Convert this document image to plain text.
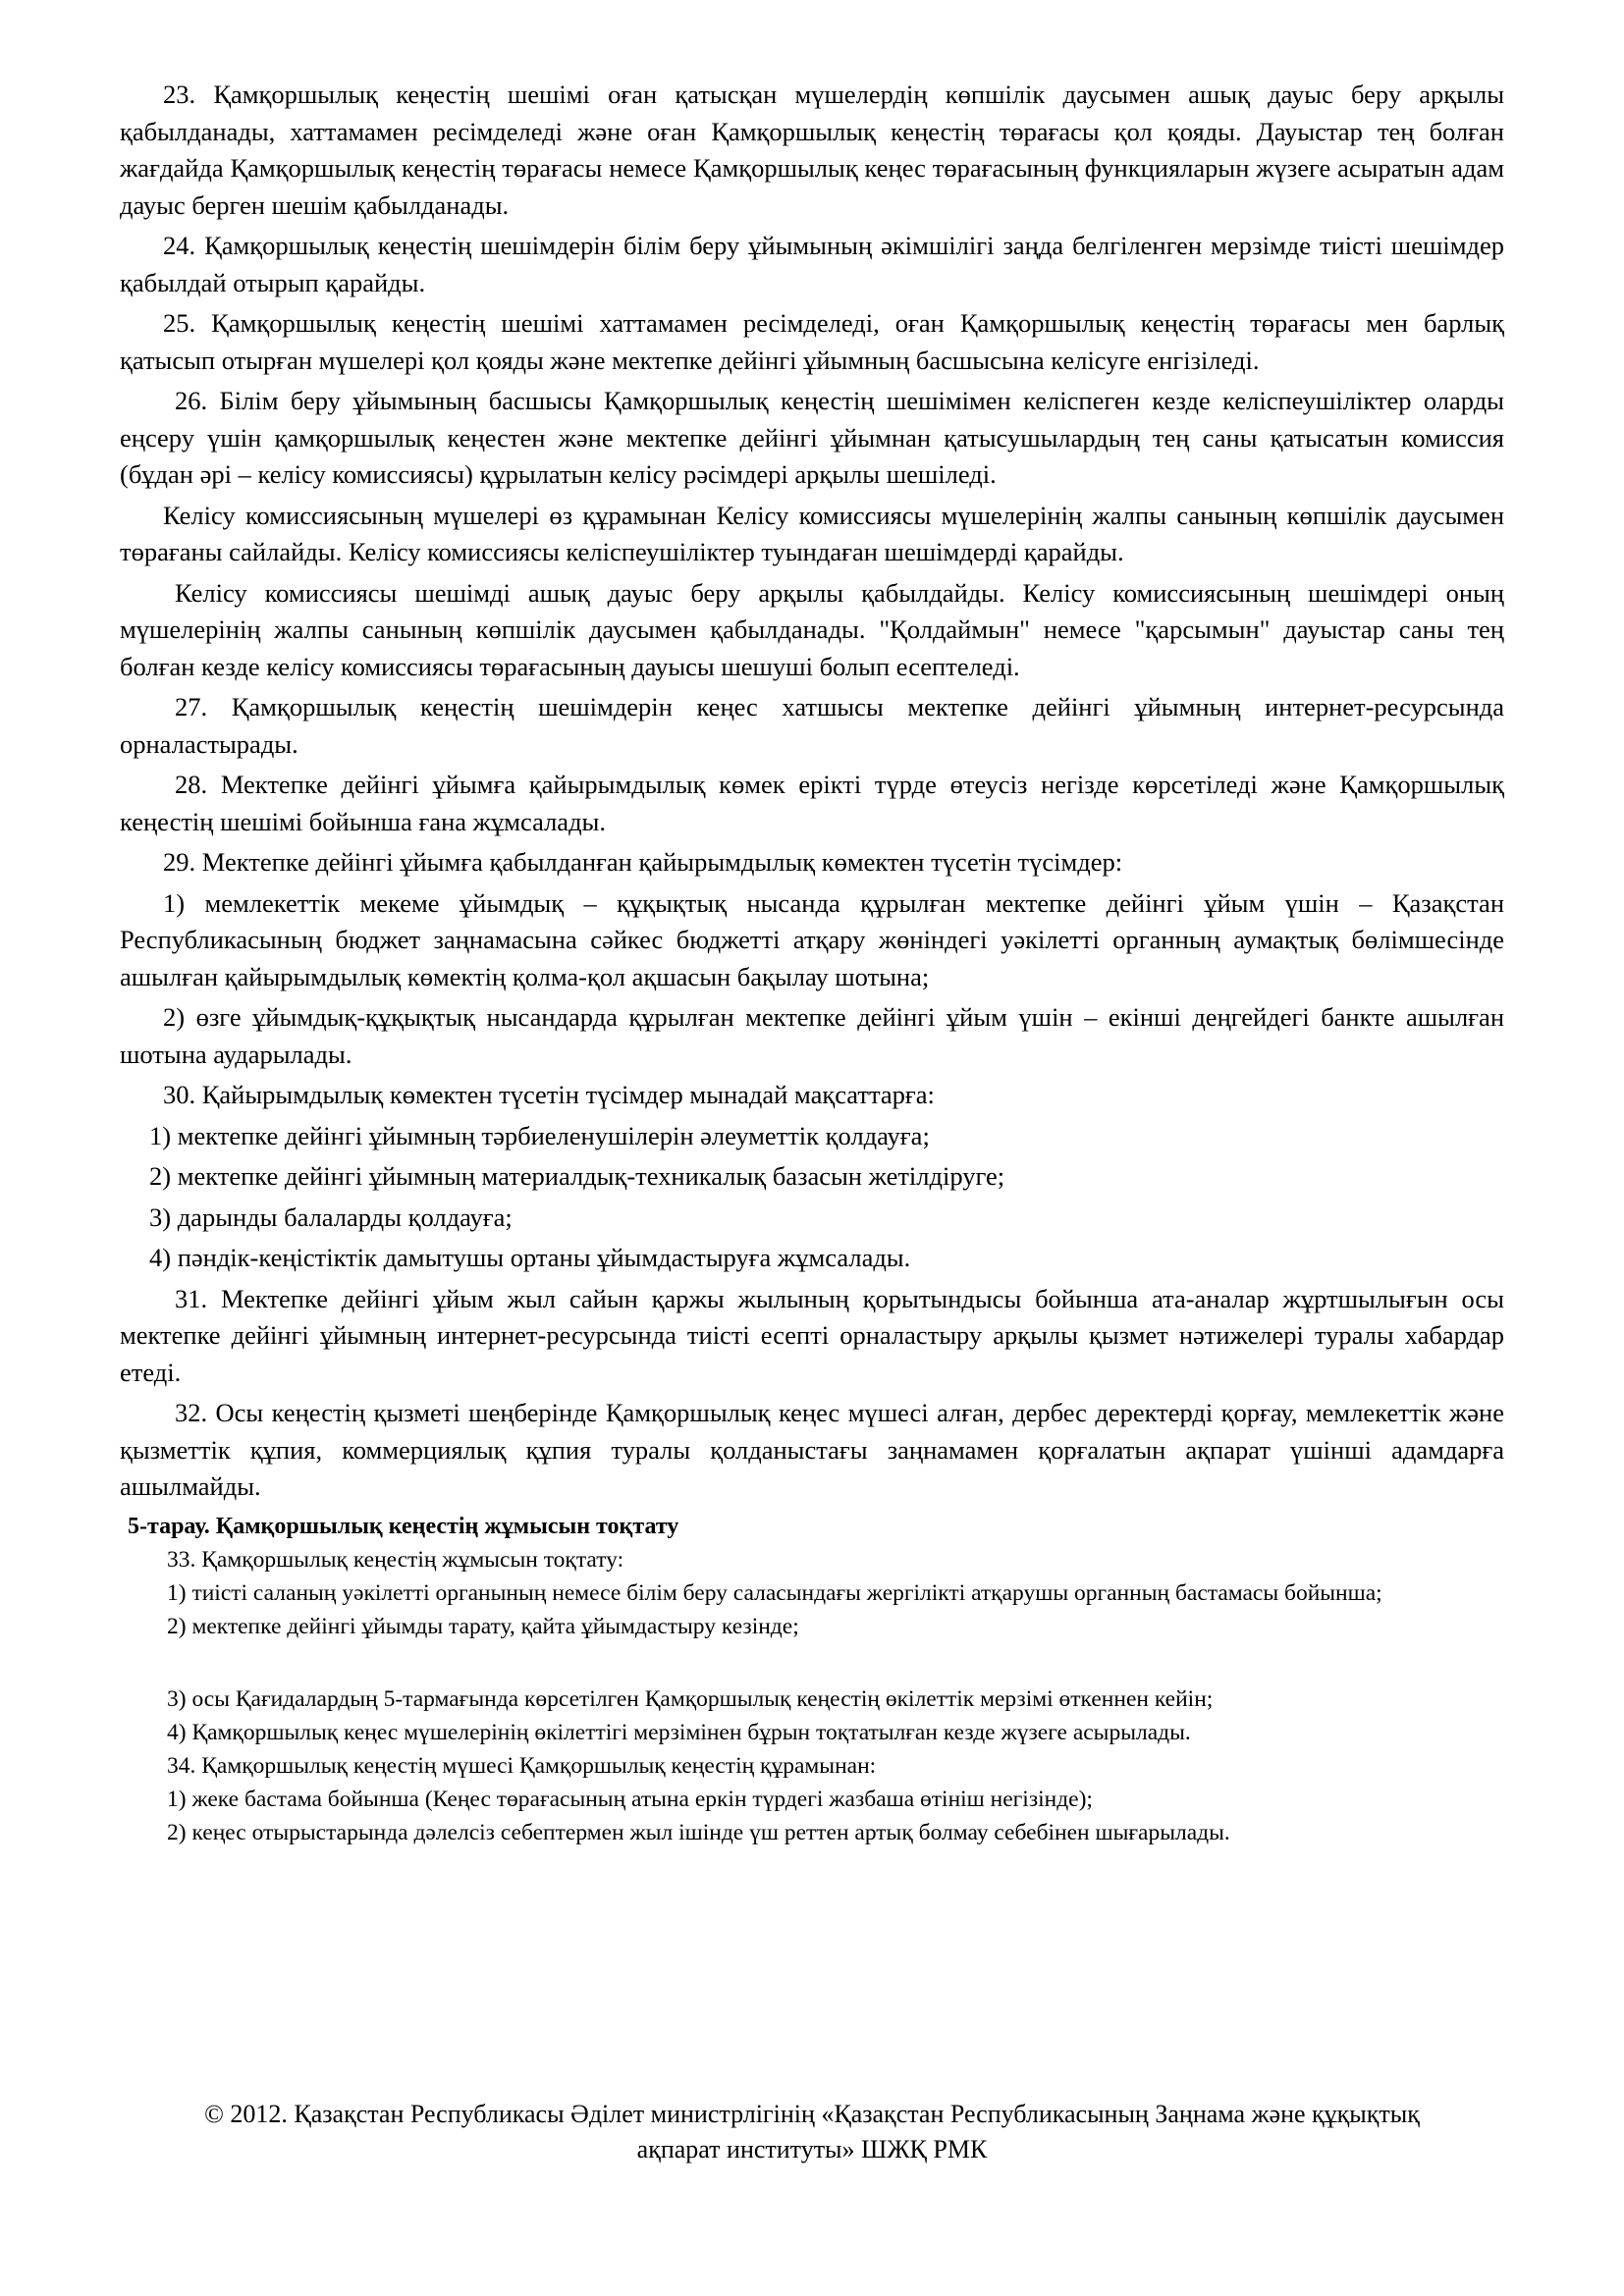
23. Қамқоршылық кеңестің шешімі оған қатысқан мүшелердің көпшілік даусымен ашық дауыс беру арқылы қабылданады, хаттамамен ресімделеді және оған Қамқоршылық кеңестің төрағасы қол қояды. Дауыстар тең болған жағдайда Қамқоршылық кеңестің төрағасы немесе Қамқоршылық кеңес төрағасының функцияларын жүзеге асыратын адам дауыс берген шешім қабылданады.

24. Қамқоршылық кеңестің шешімдерін білім беру ұйымының әкімшілігі заңда белгіленген мерзімде тиісті шешімдер қабылдай отырып қарайды.

25. Қамқоршылық кеңестің шешімі хаттамамен ресімделеді, оған Қамқоршылық кеңестің төрағасы мен барлық қатысып отырған мүшелері қол қояды және мектепке дейінгі ұйымның басшысына келісуге енгізіледі.

26. Білім беру ұйымының басшысы Қамқоршылық кеңестің шешімімен келіспеген кезде келіспеушіліктер оларды еңсеру үшін қамқоршылық кеңестен және мектепке дейінгі ұйымнан қатысушылардың тең саны қатысатын комиссия (бұдан әрі – келісу комиссиясы) құрылатын келісу рәсімдері арқылы шешіледі.

Келісу комиссиясының мүшелері өз құрамынан Келісу комиссиясы мүшелерінің жалпы санының көпшілік даусымен төрағаны сайлайды. Келісу комиссиясы келіспеушіліктер туындаған шешімдерді қарайды.

Келісу комиссиясы шешімді ашық дауыс беру арқылы қабылдайды. Келісу комиссиясының шешімдері оның мүшелерінің жалпы санының көпшілік даусымен қабылданады. "Қолдаймын" немесе "қарсымын" дауыстар саны тең болған кезде келісу комиссиясы төрағасының дауысы шешуші болып есептеледі.

27. Қамқоршылық кеңестің шешімдерін кеңес хатшысы мектепке дейінгі ұйымның интернет-ресурсында орналастырады.

28. Мектепке дейінгі ұйымға қайырымдылық көмек ерікті түрде өтеусіз негізде көрсетіледі және Қамқоршылық кеңестің шешімі бойынша ғана жұмсалады.

29. Мектепке дейінгі ұйымға қабылданған қайырымдылық көмектен түсетін түсімдер:

1) мемлекеттік мекеме ұйымдық – құқықтық нысанда құрылған мектепке дейінгі ұйым үшін – Қазақстан Республикасының бюджет заңнамасына сәйкес бюджетті атқару жөніндегі уәкілетті органның аумақтық бөлімшесінде ашылған қайырымдылық көмектің қолма-қол ақшасын бақылау шотына;

2) өзге ұйымдық-құқықтық нысандарда құрылған мектепке дейінгі ұйым үшін – екінші деңгейдегі банкте ашылған шотына аударылады.

30. Қайырымдылық көмектен түсетін түсімдер мынадай мақсаттарға:

1) мектепке дейінгі ұйымның тәрбиеленушілерін әлеуметтік қолдауға;

2) мектепке дейінгі ұйымның материалдық-техникалық базасын жетілдіруге;

3) дарынды балаларды қолдауға;

4) пәндік-кеңістіктік дамытушы ортаны ұйымдастыруға жұмсалады.

31. Мектепке дейінгі ұйым жыл сайын қаржы жылының қорытындысы бойынша ата-аналар жұртшылығын осы мектепке дейінгі ұйымның интернет-ресурсында тиісті есепті орналастыру арқылы қызмет нәтижелері туралы хабардар етеді.

32. Осы кеңестің қызметі шеңберінде Қамқоршылық кеңес мүшесі алған, дербес деректерді қорғау, мемлекеттік және қызметтік құпия, коммерциялық құпия туралы қолданыстағы заңнамамен қорғалатын ақпарат үшінші адамдарға ашылмайды.

5-тарау. Қамқоршылық кеңестің жұмысын тоқтату

33. Қамқоршылық кеңестің жұмысын тоқтату:

1) тиісті саланың уәкілетті органының немесе білім беру саласындағы жергілікті атқарушы органның бастамасы бойынша;

2) мектепке дейінгі ұйымды тарату, қайта ұйымдастыру кезінде;

3) осы Қағидалардың 5-тармағында көрсетілген Қамқоршылық кеңестің өкілеттік мерзімі өткеннен кейін;

4) Қамқоршылық кеңес мүшелерінің өкілеттігі мерзімінен бұрын тоқтатылған кезде жүзеге асырылады.

34. Қамқоршылық кеңестің мүшесі Қамқоршылық кеңестің құрамынан:

1) жеке бастама бойынша (Кеңес төрағасының атына еркін түрдегі жазбаша өтініш негізінде);

2) кеңес отырыстарында дәлелсіз себептермен жыл ішінде үш реттен артық болмау себебінен шығарылады.

© 2012. Қазақстан Республикасы Әділет министрлігінің «Қазақстан Республикасының Заңнама және құқықтық
ақпарат институты» ШЖҚ РМК
